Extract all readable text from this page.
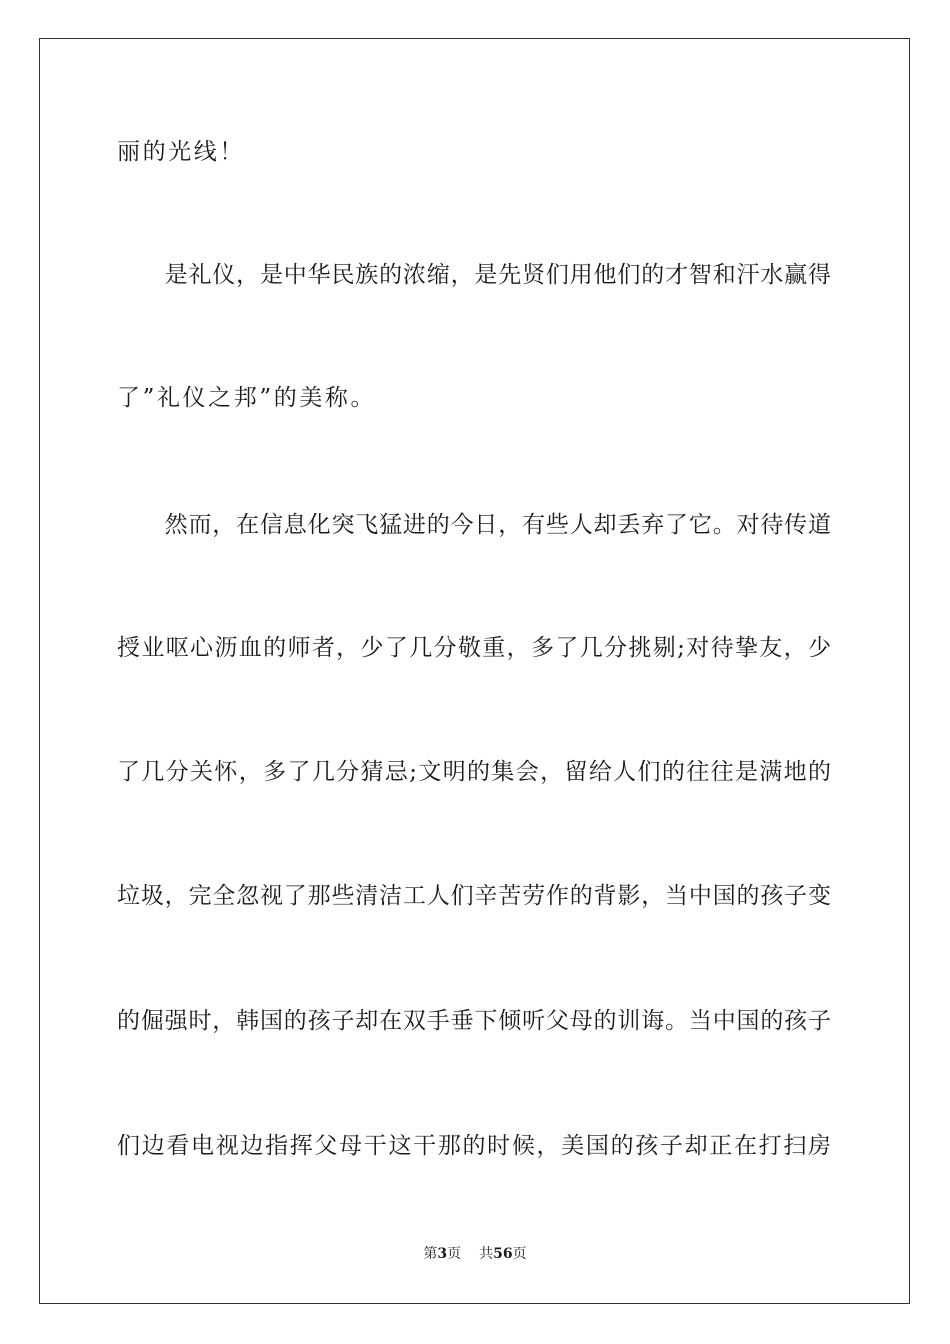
丽的光线！
　　是礼仪，是中华民族的浓缩，是先贤们用他们的才智和汗水赢得
了”礼仪之邦”的美称。
　　然而，在信息化突飞猛进的今日，有些人却丢弃了它。对待传道
授业呕心沥血的师者，少了几分敬重，多了几分挑剔;对待挚友，少
了几分关怀，多了几分猜忌;文明的集会，留给人们的往往是满地的
垃圾，完全忽视了那些清洁工人们辛苦劳作的背影，当中国的孩子变
的倔强时，韩国的孩子却在双手垂下倾听父母的训诲。当中国的孩子
们边看电视边指挥父母干这干那的时候，美国的孩子却正在打扫房
第3页 共56页
